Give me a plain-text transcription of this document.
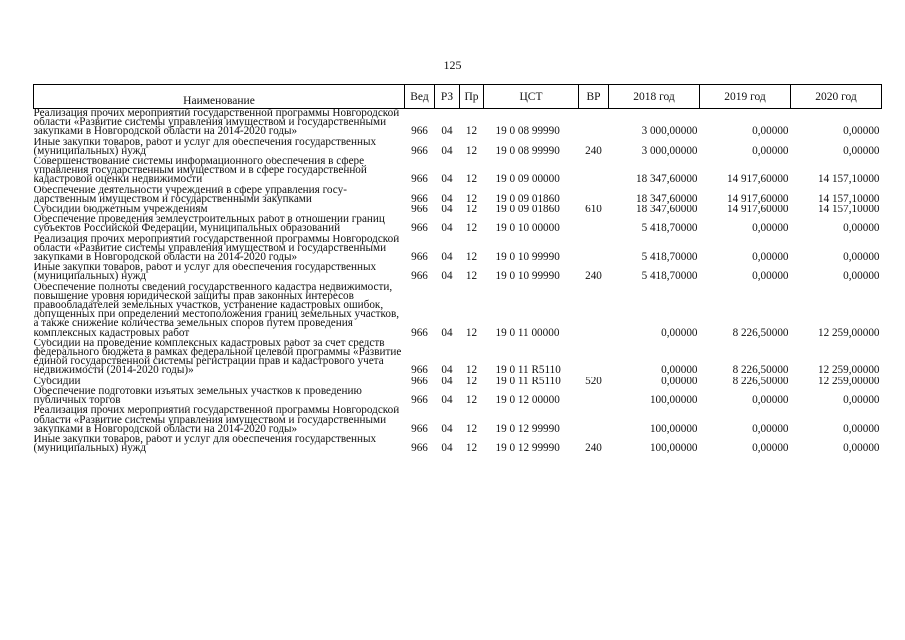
125
Наименование	Вед	РЗ	Пр	ЦСТ	ВР	2018 год	2019 год	2020 год
Реализация прочих мероприятий государственной программы Новгородской области «Развитие системы управления имуществом и государственными закупками в Новгородской области на 2014-2020 годы»	966	04	12	19 0 08 99990		3 000,00000	0,00000	0,00000
Иные закупки товаров, работ и услуг для обеспечения государственных (муниципальных) нужд	966	04	12	19 0 08 99990	240	3 000,00000	0,00000	0,00000
Совершенствование системы информационного обеспечения в сфере управления государственным имуществом и в сфере государственной кадастровой оценки недвижимости	966	04	12	19 0 09 00000		18 347,60000	14 917,60000	14 157,10000
Обеспечение деятельности учреждений в сфере управления государственным имуществом и государственными закупками	966	04	12	19 0 09 01860		18 347,60000	14 917,60000	14 157,10000
Субсидии бюджетным учреждениям	966	04	12	19 0 09 01860	610	18 347,60000	14 917,60000	14 157,10000
Обеспечение проведения землеустроительных работ в отношении границ субъектов Российской Федерации, муниципальных образований	966	04	12	19 0 10 00000		5 418,70000	0,00000	0,00000
Реализация прочих мероприятий государственной программы Новгородской области «Развитие системы управления имуществом и государственными закупками в Новгородской области на 2014-2020 годы»	966	04	12	19 0 10 99990		5 418,70000	0,00000	0,00000
Иные закупки товаров, работ и услуг для обеспечения государственных (муниципальных) нужд	966	04	12	19 0 10 99990	240	5 418,70000	0,00000	0,00000
Обеспечение полноты сведений государственного кадастра недвижимости, повышение уровня юридической защиты прав законных интересов правообладателей земельных участков, устранение кадастровых ошибок, допущенных при определении местоположения границ земельных участков, а также снижение количества земельных споров путем проведения комплексных кадастровых работ	966	04	12	19 0 11 00000		0,00000	8 226,50000	12 259,00000
Субсидии на проведение комплексных кадастровых работ за счет средств федерального бюджета в рамках федеральной целевой программы «Развитие единой государственной системы регистрации прав и кадастрового учета недвижимости (2014-2020 годы)»	966	04	12	19 0 11 R5110		0,00000	8 226,50000	12 259,00000
Субсидии	966	04	12	19 0 11 R5110	520	0,00000	8 226,50000	12 259,00000
Обеспечение подготовки изъятых земельных участков к проведению публичных торгов	966	04	12	19 0 12 00000		100,00000	0,00000	0,00000
Реализация прочих мероприятий государственной программы Новгородской области «Развитие системы управления имуществом и государственными закупками в Новгородской области на 2014-2020 годы»	966	04	12	19 0 12 99990		100,00000	0,00000	0,00000
Иные закупки товаров, работ и услуг для обеспечения государственных (муниципальных) нужд	966	04	12	19 0 12 99990	240	100,00000	0,00000	0,00000
